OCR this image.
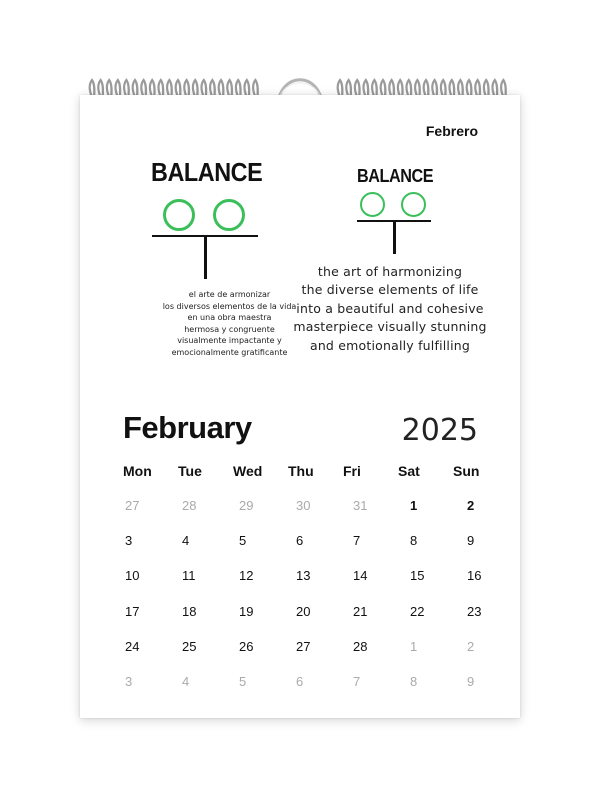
Febrero
BALANCE	BALANCE
el arte de armonizar
los diversos elementos de la vida
en una obra maestra
hermosa y congruente
visualmente impactante y
emocionalmente gratificante
the art of harmonizing
the diverse elements of life
into a beautiful and cohesive
masterpiece visually stunning
and emotionally fulfilling
February	2025
Mon	Tue	Wed	Thu	Fri	Sat	Sun
27	28	29	30	31	1	2
3	4	5	6	7	8	9
10	11	12	13	14	15	16
17	18	19	20	21	22	23
24	25	26	27	28	1	2
3	4	5	6	7	8	9
